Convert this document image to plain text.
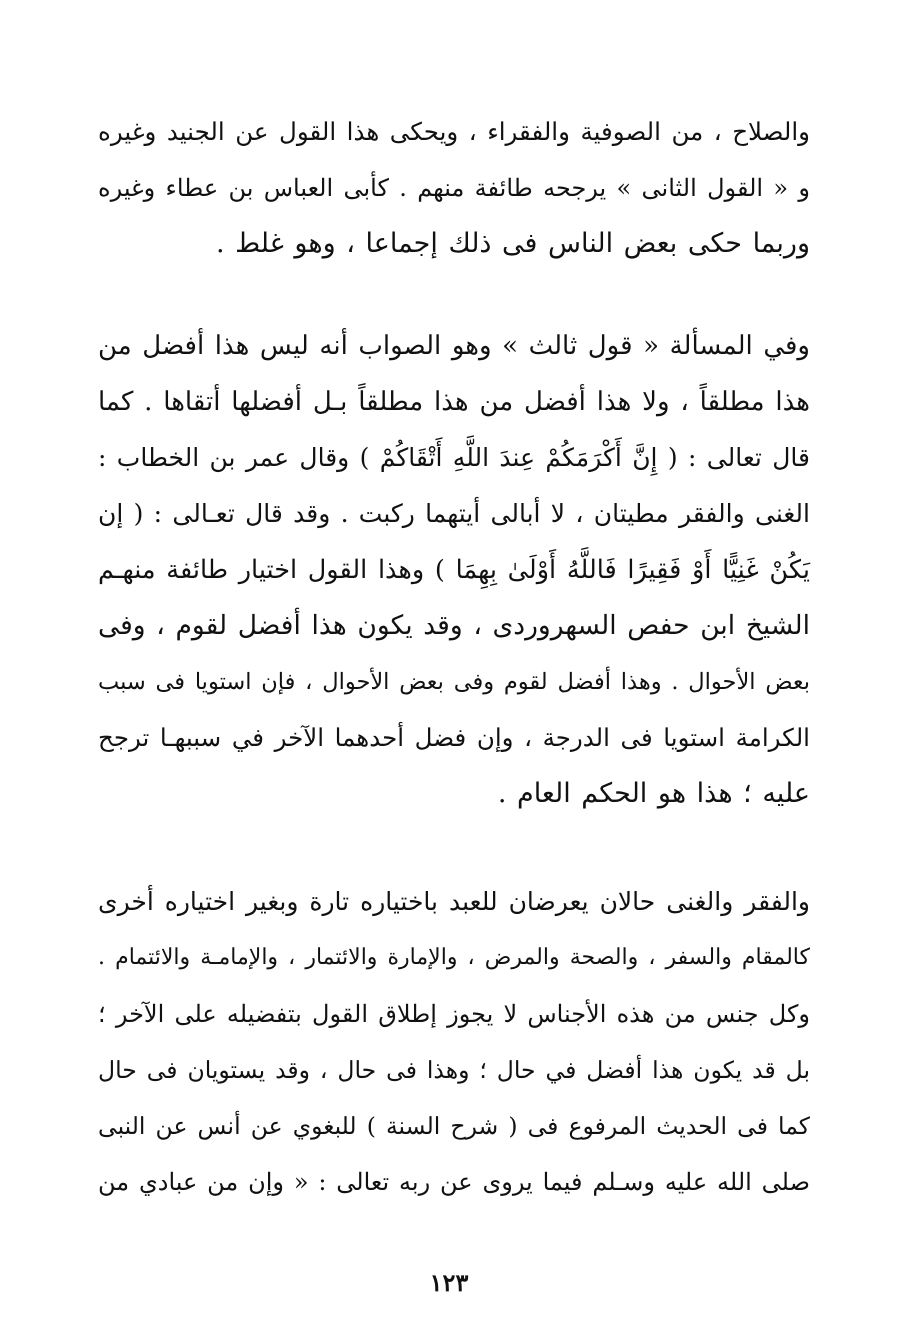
والصلاح ، من الصوفية والفقراء ، ويحكى هذا القول عن الجنيد وغيره
و « القول الثانى » يرجحه طائفة منهم . كأبى العباس بن عطاء وغيره
وربما حكى بعض الناس فى ذلك إجماعا ، وهو غلط .
وفي المسألة « قول ثالث » وهو الصواب أنه ليس هذا أفضل من
هذا مطلقاً ، ولا هذا أفضل من هذا مطلقاً بـل أفضلها أتقاها . كما
قال تعالى : ( إِنَّ أَكْرَمَكُمْ عِندَ اللَّهِ أَتْقَاكُمْ ) وقال عمر بن الخطاب :
الغنى والفقر مطيتان ، لا أبالى أيتهما ركبت . وقد قال تعـالى : ( إن
يَكُنْ غَنِيًّا أَوْ فَقِيرًا فَاللَّهُ أَوْلَىٰ بِهِمَا ) وهذا القول اختيار طائفة منهـم
الشيخ ابن حفص السهروردى ، وقد يكون هذا أفضل لقوم ، وفى
بعض الأحوال . وهذا أفضل لقوم وفى بعض الأحوال ، فإن استويا فى سبب
الكرامة استويا فى الدرجة ، وإن فضل أحدهما الآخر في سببهـا ترجح
عليه ؛ هذا هو الحكم العام .
والفقر والغنى حالان يعرضان للعبد باختياره تارة وبغير اختياره أخرى
كالمقام والسفر ، والصحة والمرض ، والإمارة والائتمار ، والإمامـة والائتمام .
وكل جنس من هذه الأجناس لا يجوز إطلاق القول بتفضيله على الآخر ؛
بل قد يكون هذا أفضل في حال ؛ وهذا فى حال ، وقد يستويان فى حال
كما فى الحديث المرفوع فى ( شرح السنة ) للبغوي عن أنس عن النبى
صلى الله عليه وسـلم فيما يروى عن ربه تعالى : « وإن من عبادي من
١٢٣
